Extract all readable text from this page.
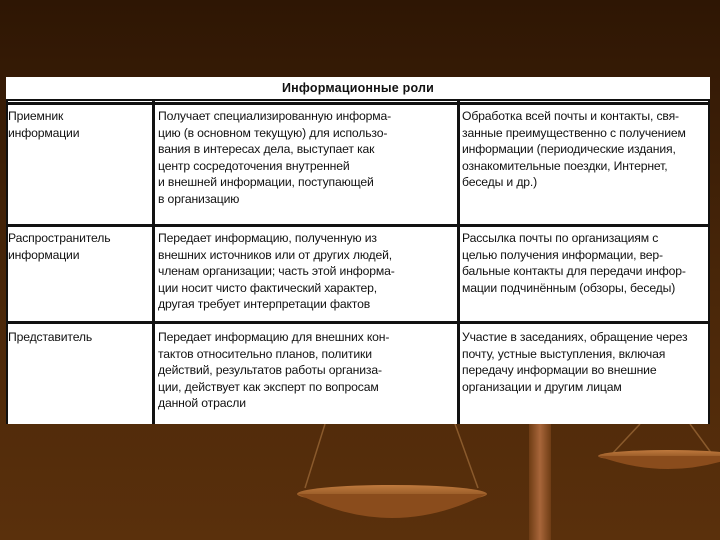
Информационные роли
Приемник
информации
Получает специализированную информа-
цию (в основном текущую) для использо-
вания в интересах дела, выступает как
центр сосредоточения внутренней
и внешней информации, поступающей
в организацию
Обработка всей почты и контакты, свя-
занные преимущественно с получением
информации (периодические издания,
ознакомительные поездки, Интернет,
беседы и др.)
Распространитель
информации
Передает информацию, полученную из
внешних источников или от других людей,
членам организации; часть этой информа-
ции носит чисто фактический характер,
другая требует интерпретации фактов
Рассылка почты по организациям с
целью получения информации, вер-
бальные контакты для передачи инфор-
мации подчинённым (обзоры, беседы)
Представитель	Передает информацию для внешних кон-
тактов относительно планов, политики
действий, результатов работы организа-
ции, действует как эксперт по вопросам
данной отрасли
Участие в заседаниях, обращение через
почту, устные выступления, включая
передачу информации во внешние
организации и другим лицам
